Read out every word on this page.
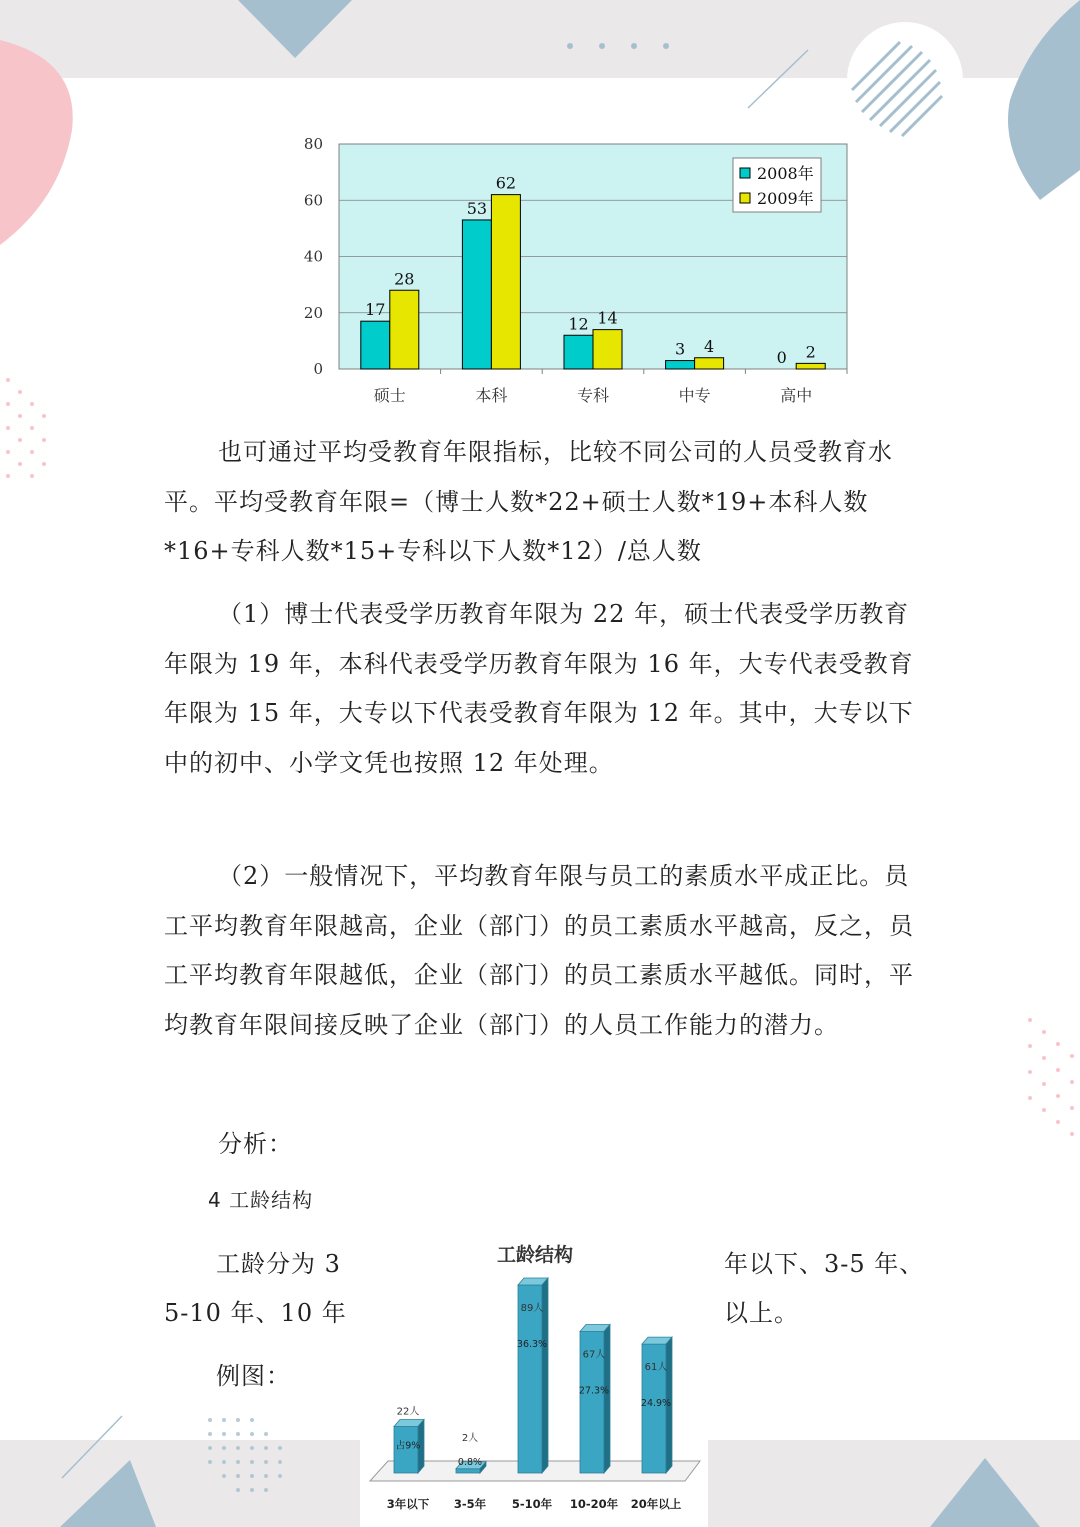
0
20
40
60
80
硕士
17
28
本科
53
62
专科
12 14
中专
3 4
高中
0 2
2008年
2009年

也可通过平均受教育年限指标，比较不同公司的人员受教育水平。平均受教育年限=（博士人数*22+硕士人数*19+本科人数*16+专科人数*15+专科以下人数*12）/总人数

（1）博士代表受学历教育年限为 22 年，硕士代表受学历教育年限为 19 年，本科代表受学历教育年限为 16 年，大专代表受教育年限为 15 年，大专以下代表受教育年限为 12 年。其中，大专以下中的初中、小学文凭也按照 12 年处理。

（2）一般情况下，平均教育年限与员工的素质水平成正比。员工平均教育年限越高，企业（部门）的员工素质水平越高，反之，员工平均教育年限越低，企业（部门）的员工素质水平越低。同时，平均教育年限间接反映了企业（部门）的人员工作能力的潜力。

分析：

4 工龄结构

工龄分为 3	年以下、3-5 年、

5-10 年、10 年	以上。

例图：

工龄结构
22人
占9%
3年以下
2人
0.8%
3-5年
89人
36.3%
5-10年
67人
27.3%
10-20年
61人
24.9%
20年以上
